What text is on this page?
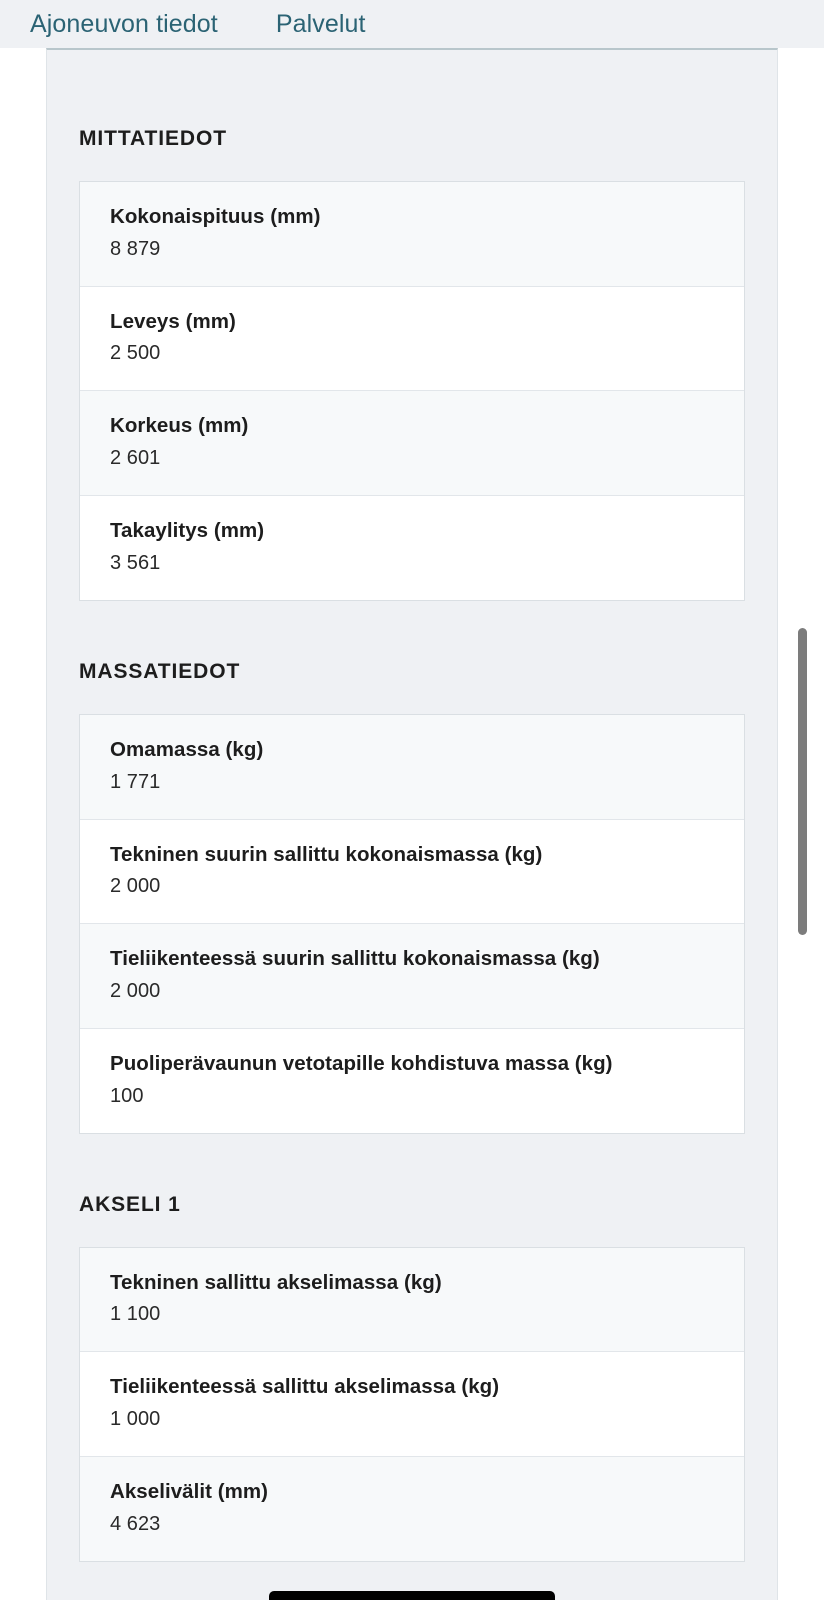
Ajoneuvon tiedot Palvelut
MITTATIEDOT
Kokonaispituus (mm)
8 879
Leveys (mm)
2 500
Korkeus (mm)
2 601
Takaylitys (mm)
3 561
MASSATIEDOT
Omamassa (kg)
1 771
Tekninen suurin sallittu kokonaismassa (kg)
2 000
Tieliikenteessä suurin sallittu kokonaismassa (kg)
2 000
Puoliperävaunun vetotapille kohdistuva massa (kg)
100
AKSELI 1
Tekninen sallittu akselimassa (kg)
1 100
Tieliikenteessä sallittu akselimassa (kg)
1 000
Akselivälit (mm)
4 623
